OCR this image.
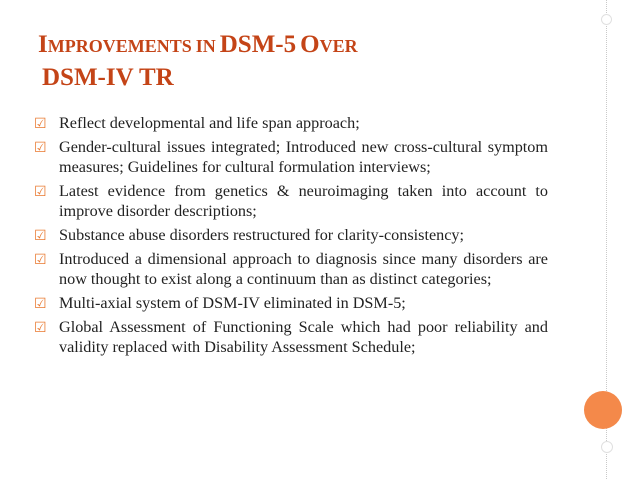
IMPROVEMENTS IN DSM-5 OVER
DSM-IV TR
☑ Reflect developmental and life span approach;
☑ Gender-cultural issues integrated; Introduced new cross-cultural symptom measures; Guidelines for cultural formulation interviews;
☑ Latest evidence from genetics & neuroimaging taken into account to improve disorder descriptions;
☑ Substance abuse disorders restructured for clarity-consistency;
☑ Introduced a dimensional approach to diagnosis since many disorders are now thought to exist along a continuum than as distinct categories;
☑ Multi-axial system of DSM-IV eliminated in DSM-5;
☑ Global Assessment of Functioning Scale which had poor reliability and validity replaced with Disability Assessment Schedule;
